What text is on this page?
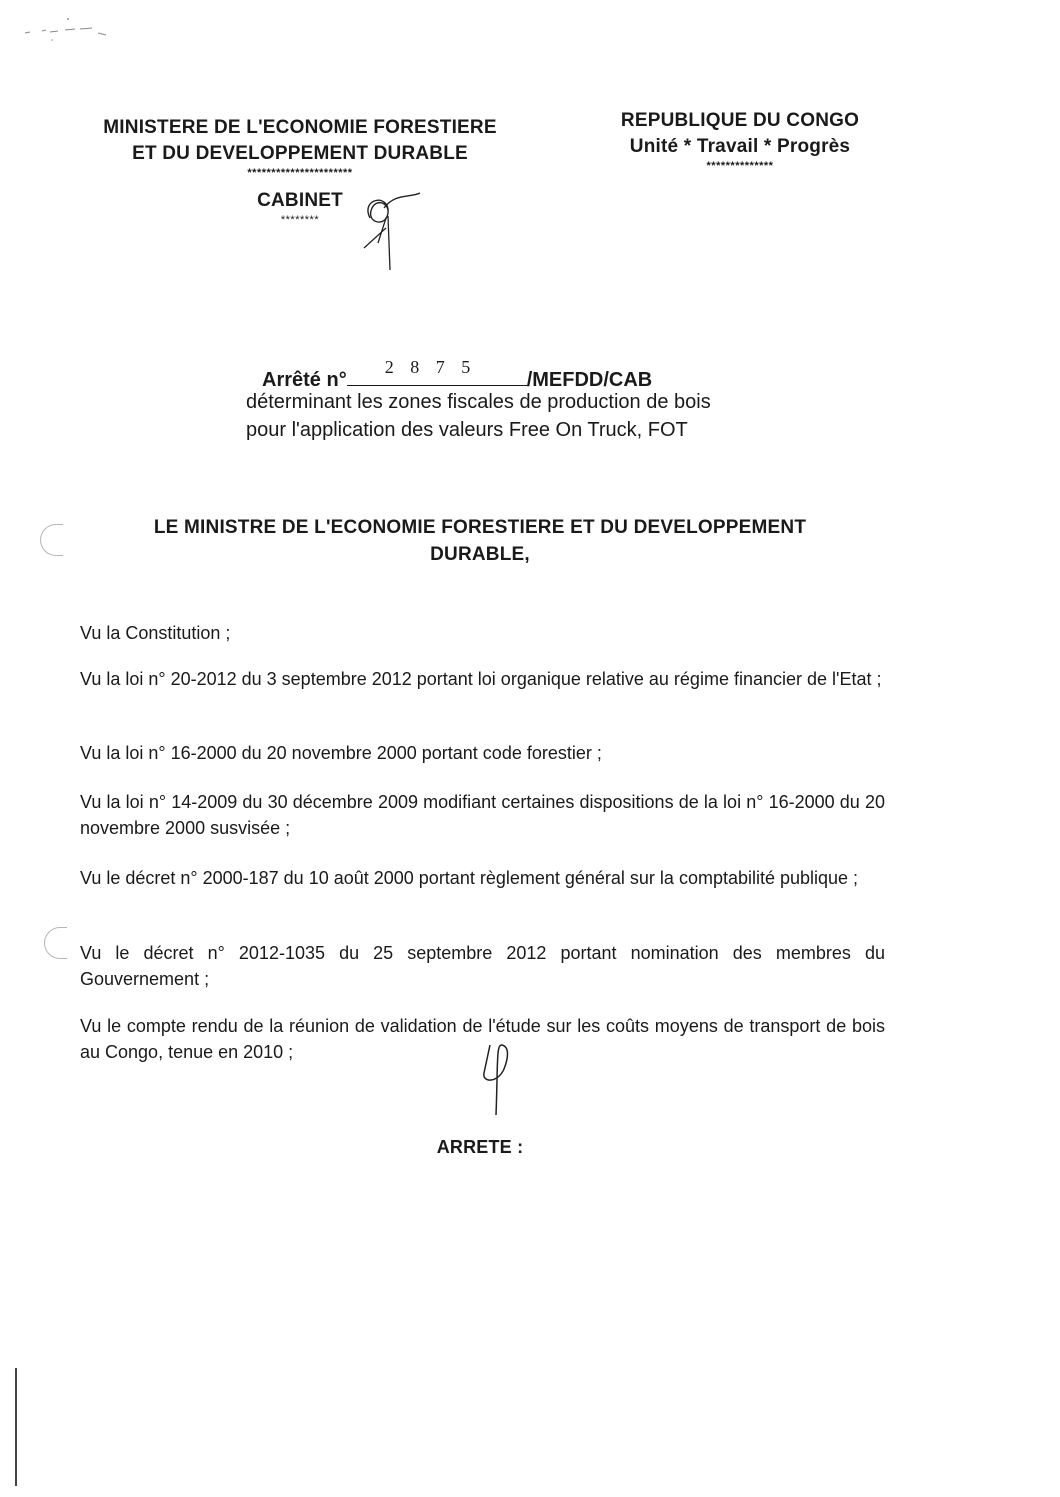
MINISTERE DE L'ECONOMIE FORESTIERE
ET DU DEVELOPPEMENT DURABLE
**********************
CABINET
********
REPUBLIQUE DU CONGO
Unité * Travail * Progrès
**************
Arrêté n°
2 8 7 5
/MEFDD/CAB
déterminant les zones fiscales de production de bois
pour l'application des valeurs Free On Truck, FOT
LE MINISTRE DE L'ECONOMIE FORESTIERE ET DU DEVELOPPEMENT
DURABLE,
Vu la Constitution ;
Vu la loi n° 20-2012 du 3 septembre 2012 portant loi organique relative au régime financier de l'Etat ;
Vu la loi n° 16-2000 du 20 novembre 2000 portant code forestier ;
Vu la loi n° 14-2009 du 30 décembre 2009 modifiant certaines dispositions de la loi n° 16-2000 du 20 novembre 2000 susvisée ;
Vu le décret n° 2000-187 du 10 août 2000 portant règlement général sur la comptabilité publique ;
Vu le décret n° 2012-1035 du 25 septembre 2012 portant nomination des membres du Gouvernement ;
Vu le compte rendu de la réunion de validation de l'étude sur les coûts moyens de transport de bois au Congo, tenue en 2010 ;
ARRETE :
